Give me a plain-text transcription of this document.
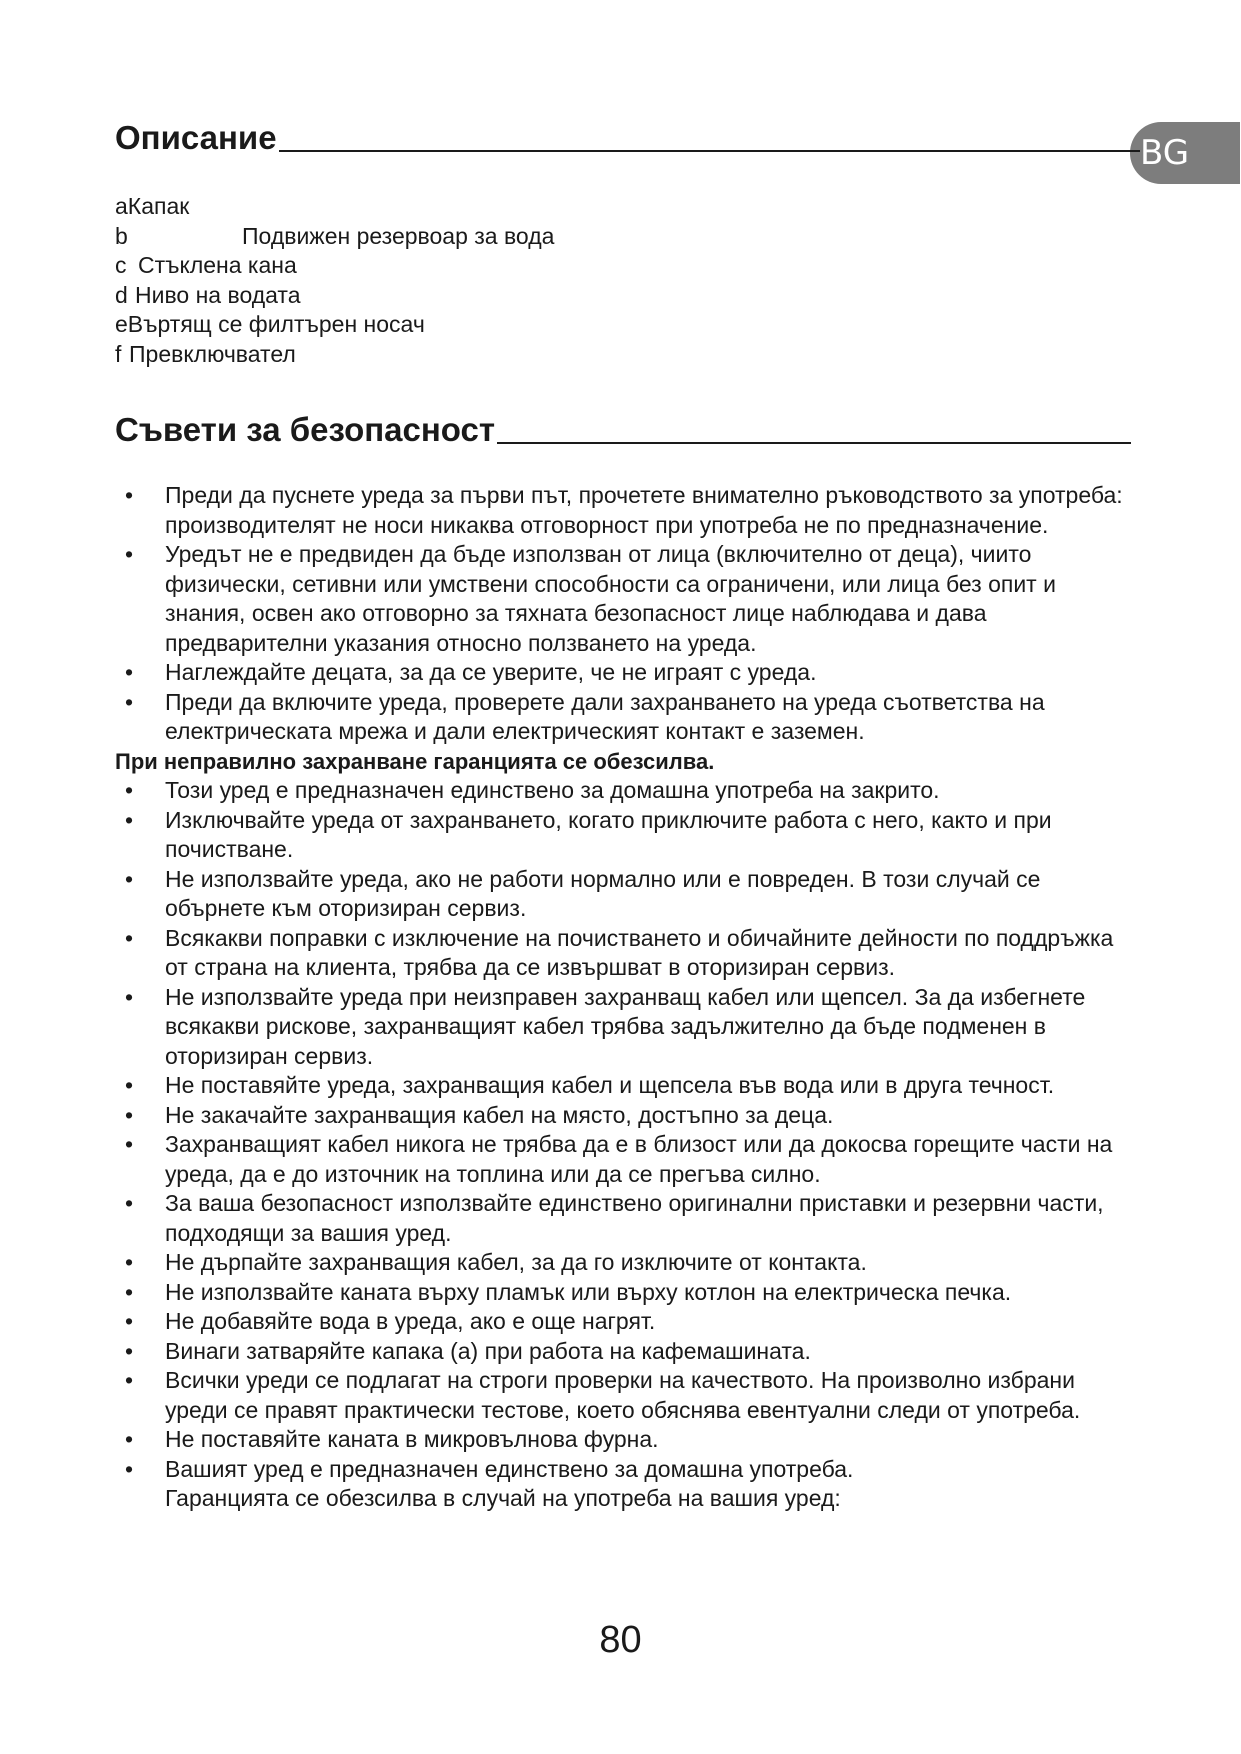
BG
Описание
aКапак
b	Подвижен резервоар за вода
c Стъклена кана
d Ниво на водата
eВъртящ се филтърен носач
f Превключвател
Съвети за безопасност
• Преди да пуснете уреда за първи път, прочетете внимателно ръководството за употреба: производителят не носи никаква отговорност при употреба не по предназначение.
• Уредът не е предвиден да бъде използван от лица (включително от деца), чиито физически, сетивни или умствени способности са ограничени, или лица без опит и знания, освен ако отговорно за тяхната безопасност лице наблюдава и дава предварителни указания относно ползването на уреда.
• Наглеждайте децата, за да се уверите, че не играят с уреда.
• Преди да включите уреда, проверете дали захранването на уреда съответства на електрическата мрежа и дали електрическият контакт е заземен.
При неправилно захранване гаранцията се обезсилва.
• Този уред е предназначен единствено за домашна употреба на закрито.
• Изключвайте уреда от захранването, когато приключите работа с него, както и при почистване.
• Не използвайте уреда, ако не работи нормално или е повреден. В този случай се обърнете към оторизиран сервиз.
• Всякакви поправки с изключение на почистването и обичайните дейности по поддръжка от страна на клиента, трябва да се извършват в оторизиран сервиз.
• Не използвайте уреда при неизправен захранващ кабел или щепсел. За да избегнете всякакви рискове, захранващият кабел трябва задължително да бъде подменен в оторизиран сервиз.
• Не поставяйте уреда, захранващия кабел и щепсела във вода или в друга течност.
• Не закачайте захранващия кабел на място, достъпно за деца.
• Захранващият кабел никога не трябва да е в близост или да докосва горещите части на уреда, да е до източник на топлина или да се прегъва силно.
• За ваша безопасност използвайте единствено оригинални приставки и резервни части, подходящи за вашия уред.
• Не дърпайте захранващия кабел, за да го изключите от контакта.
• Не използвайте каната върху пламък или върху котлон на електрическа печка.
• Не добавяйте вода в уреда, ако е още нагрят.
• Винаги затваряйте капака (a) при работа на кафемашината.
• Всички уреди се подлагат на строги проверки на качеството. На произволно избрани уреди се правят практически тестове, което обяснява евентуални следи от употреба.
• Не поставяйте каната в микровълнова фурна.
• Вашият уред е предназначен единствено за домашна употреба.
Гаранцията се обезсилва в случай на употреба на вашия уред:
80
